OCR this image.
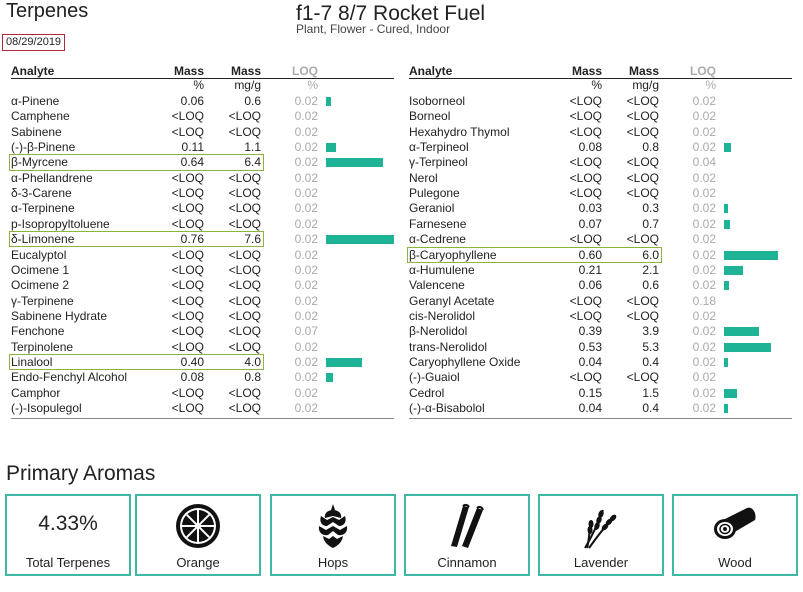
Terpenes
08/29/2019
f1-7 8/7 Rocket Fuel
Plant, Flower - Cured, Indoor
Analyte	Mass	Mass	LOQ
%	mg/g	%
α-Pinene	0.06	0.6	0.02
Camphene	<LOQ	<LOQ	0.02
Sabinene	<LOQ	<LOQ	0.02
(-)-β-Pinene	0.11	1.1	0.02
β-Myrcene	0.64	6.4	0.02
α-Phellandrene	<LOQ	<LOQ	0.02
δ-3-Carene	<LOQ	<LOQ	0.02
α-Terpinene	<LOQ	<LOQ	0.02
p-Isopropyltoluene	<LOQ	<LOQ	0.02
δ-Limonene	0.76	7.6	0.02
Eucalyptol	<LOQ	<LOQ	0.02
Ocimene 1	<LOQ	<LOQ	0.02
Ocimene 2	<LOQ	<LOQ	0.02
γ-Terpinene	<LOQ	<LOQ	0.02
Sabinene Hydrate	<LOQ	<LOQ	0.02
Fenchone	<LOQ	<LOQ	0.07
Terpinolene	<LOQ	<LOQ	0.02
Linalool	0.40	4.0	0.02
Endo-Fenchyl Alcohol	0.08	0.8	0.02
Camphor	<LOQ	<LOQ	0.02
(-)-Isopulegol	<LOQ	<LOQ	0.02
Analyte	Mass	Mass	LOQ
%	mg/g	%
Isoborneol	<LOQ	<LOQ	0.02
Borneol	<LOQ	<LOQ	0.02
Hexahydro Thymol	<LOQ	<LOQ	0.02
α-Terpineol	0.08	0.8	0.02
γ-Terpineol	<LOQ	<LOQ	0.04
Nerol	<LOQ	<LOQ	0.02
Pulegone	<LOQ	<LOQ	0.02
Geraniol	0.03	0.3	0.02
Farnesene	0.07	0.7	0.02
α-Cedrene	<LOQ	<LOQ	0.02
β-Caryophyllene	0.60	6.0	0.02
α-Humulene	0.21	2.1	0.02
Valencene	0.06	0.6	0.02
Geranyl Acetate	<LOQ	<LOQ	0.18
cis-Nerolidol	<LOQ	<LOQ	0.02
β-Nerolidol	0.39	3.9	0.02
trans-Nerolidol	0.53	5.3	0.02
Caryophyllene Oxide	0.04	0.4	0.02
(-)-Guaiol	<LOQ	<LOQ	0.02
Cedrol	0.15	1.5	0.02
(-)-α-Bisabolol	0.04	0.4	0.02
Primary Aromas
4.33%
Total Terpenes	Orange	Hops	Cinnamon	Lavender	Wood
